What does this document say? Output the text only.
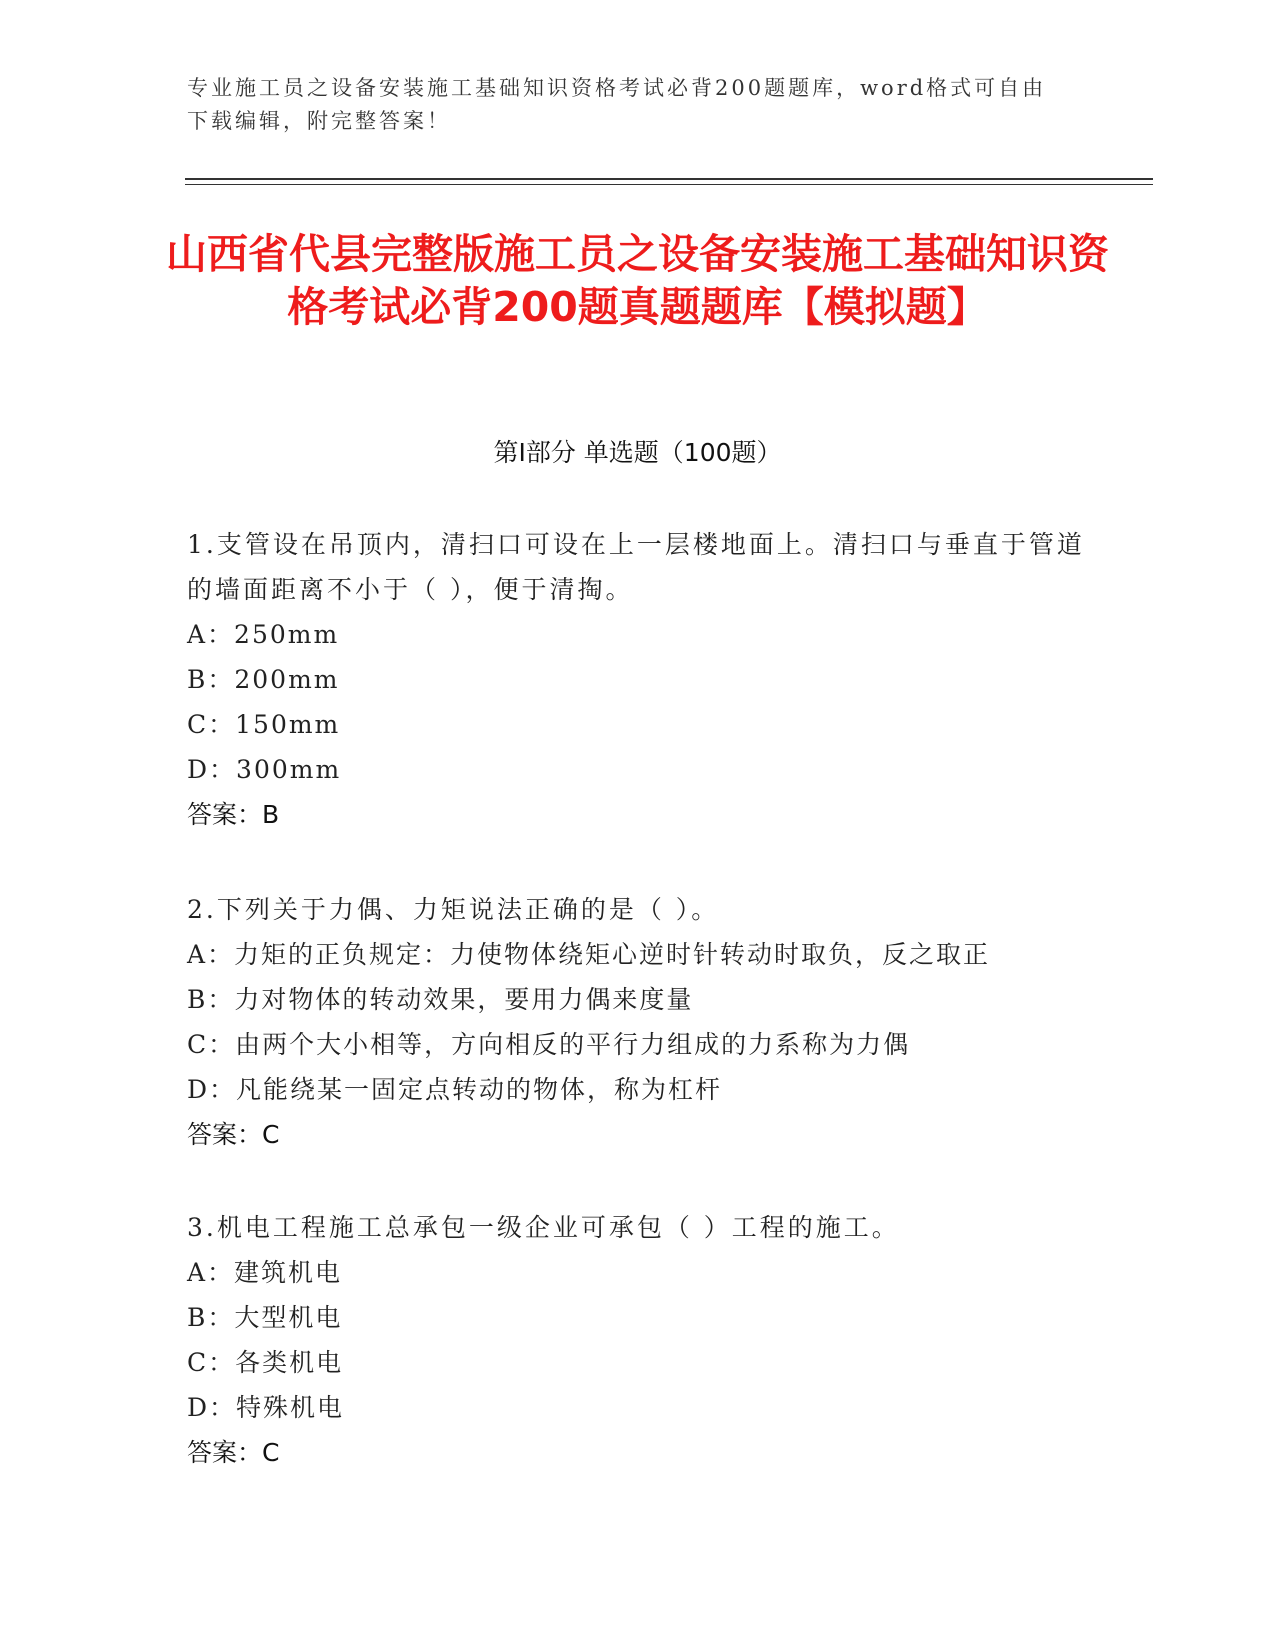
专业施工员之设备安装施工基础知识资格考试必背200题题库，word格式可自由下载编辑，附完整答案！
山西省代县完整版施工员之设备安装施工基础知识资格考试必背200题真题题库【模拟题】
第I部分 单选题（100题）
1.支管设在吊顶内，清扫口可设在上一层楼地面上。清扫口与垂直于管道的墙面距离不小于（ ），便于清掏。
A：250mm
B：200mm
C：150mm
D：300mm
答案：B
2.下列关于力偶、力矩说法正确的是（ ）。
A：力矩的正负规定：力使物体绕矩心逆时针转动时取负，反之取正
B：力对物体的转动效果，要用力偶来度量
C：由两个大小相等，方向相反的平行力组成的力系称为力偶
D：凡能绕某一固定点转动的物体，称为杠杆
答案：C
3.机电工程施工总承包一级企业可承包（ ）工程的施工。
A：建筑机电
B：大型机电
C：各类机电
D：特殊机电
答案：C
